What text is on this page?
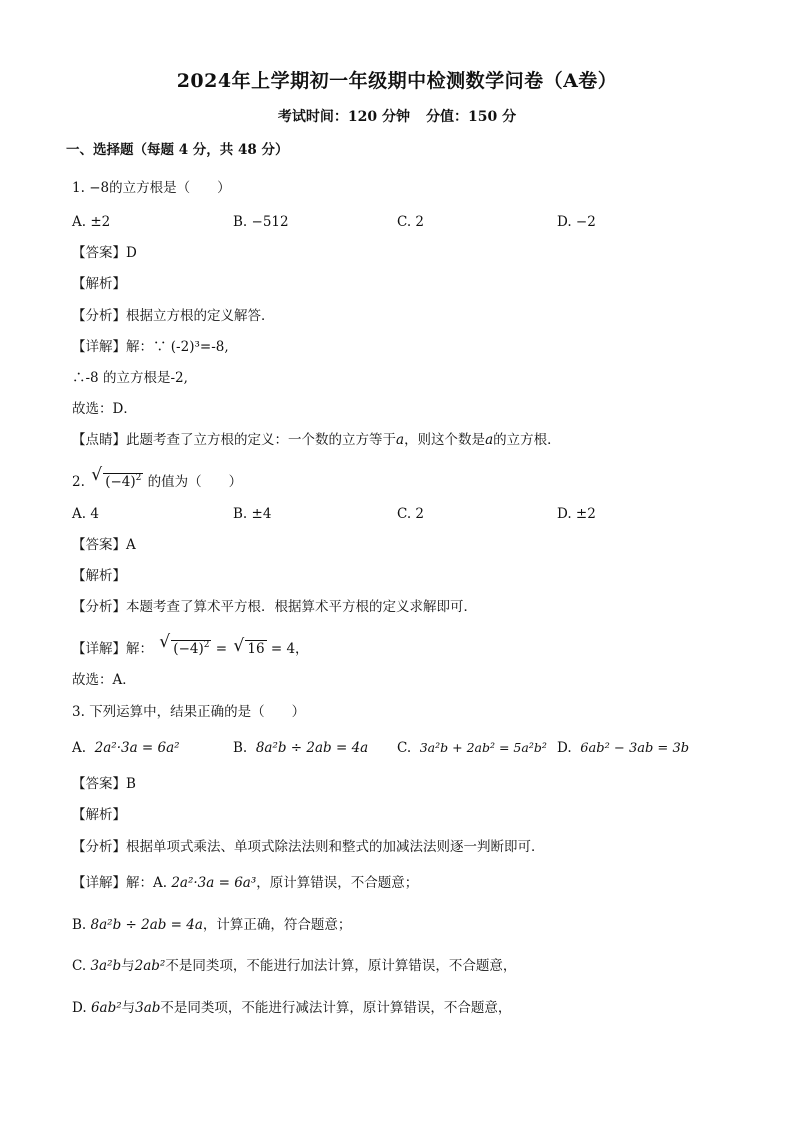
2024年上学期初一年级期中检测数学问卷（A卷）
考试时间：120 分钟 分值：150 分
一、选择题（每题 4 分，共 48 分）
1. −8的立方根是（　　）
A. ±2	B. −512	C. 2	D. −2
【答案】D
【解析】
【分析】根据立方根的定义解答．
【详解】解：∵ (-2)³=-8,
∴-8 的立方根是-2,
故选：D．
【点睛】此题考查了立方根的定义：一个数的立方等于a，则这个数是a的立方根．
2. √ $(-4)^2$ 的值为（　　）
A. 4	B. ±4	C. 2	D. ±2
【答案】A
【解析】
【分析】本题考查了算术平方根．根据算术平方根的定义求解即可．
【详解】解： √ $(-4)^2$ = √ 16 = 4，
故选：A．
3. 下列运算中，结果正确的是（　　）
A. 2a²·3a = 6a²	B. 8a²b ÷ 2ab = 4a C. 3a²b + 2ab² = 5a²b² D. 6ab² − 3ab = 3b
【答案】B
【解析】
【分析】根据单项式乘法、单项式除法法则和整式的加减法法则逐一判断即可．
【详解】解：A. 2a²·3a = 6a³，原计算错误，不合题意；
B. 8a²b ÷ 2ab = 4a，计算正确，符合题意；
C. 3a²b与2ab²不是同类项，不能进行加法计算，原计算错误，不合题意，
D. 6ab²与3ab不是同类项，不能进行减法计算，原计算错误，不合题意，
